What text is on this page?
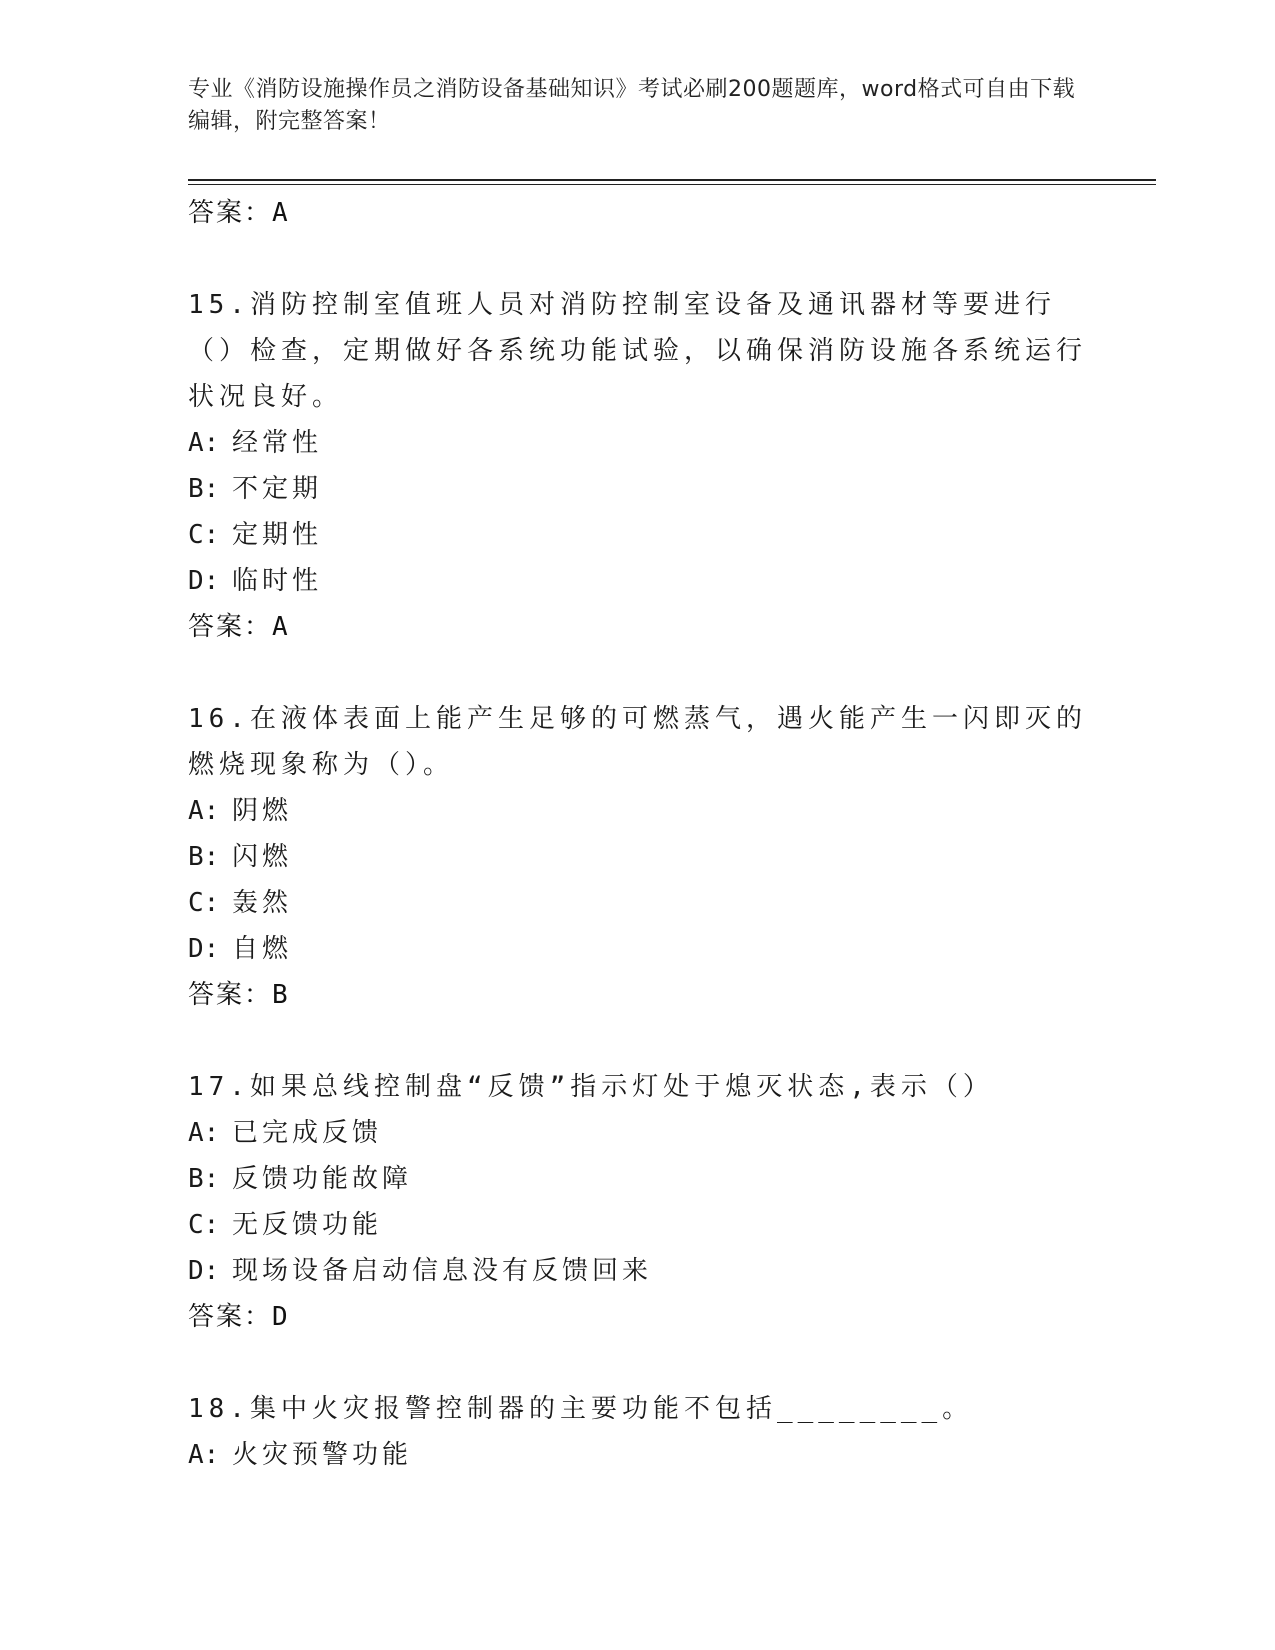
专业《消防设施操作员之消防设备基础知识》考试必刷200题题库，word格式可自由下载编辑，附完整答案！
答案：A
15.消防控制室值班人员对消防控制室设备及通讯器材等要进行（）检查，定期做好各系统功能试验，以确保消防设施各系统运行状况良好。
A: 经常性
B: 不定期
C: 定期性
D: 临时性
答案：A
16.在液体表面上能产生足够的可燃蒸气，遇火能产生一闪即灭的燃烧现象称为（）。
A: 阴燃
B: 闪燃
C: 轰然
D: 自燃
答案：B
17.如果总线控制盘“反馈”指示灯处于熄灭状态,表示（）
A: 已完成反馈
B: 反馈功能故障
C: 无反馈功能
D: 现场设备启动信息没有反馈回来
答案：D
18.集中火灾报警控制器的主要功能不包括________。
A: 火灾预警功能
